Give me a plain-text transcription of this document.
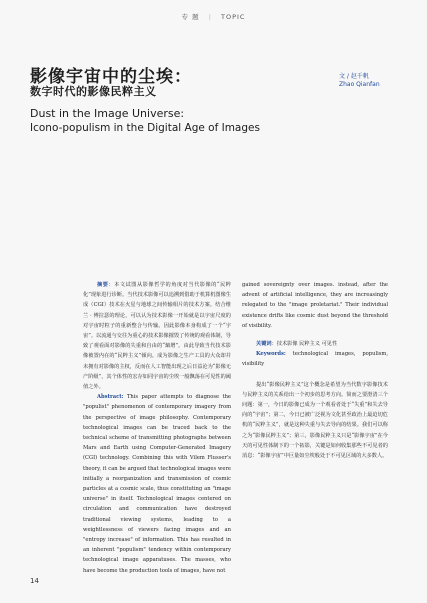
专 题 | TOPIC
影像宇宙中的尘埃：
数字时代的影像民粹主义
Dust in the Image Universe:
Icono-populism in the Digital Age of Images
文 / 赵千帆
Zhao Qianfan

摘要：本文试图从影像哲学的角度对当代影像的“民粹化”现象进行诊断。当代技术影像可以追溯到借助于机算机图像生成（CGI）技术在火星与地球之间传输相片的技术方案。结合维兰 · 傅拉瑟的理论，可以认为技术影像一开始就是以宇宙尺度的对宇宙时粒子的重新整合与传输。因此影像本身构成了一个“宇宙”。以流通与交往为重心的技术影像摧毁了传统的观看体制，导致了观看面对影像的失重和自由的“熵增”。由此导致当代技术影像被置内在的“民粹主义”倾向。成为影像之生产工具的大众却并未拥有对影像的主权，反而在人工智能出现之后日益沦为“影像无产阶级”，其个体性的宏存如同宇宙的尘埃一般飘荡在可见性的阈值之外。

Abstract: This paper attempts to diagnose the "populist" phenomenon of contemporary imagery from the perspective of image philosophy. Contemporary technological images can be traced back to the technical scheme of transmitting photographs between Mars and Earth using Computer-Generated Imagery (CGI) technology. Combining this with Vilem Flusser's theory, it can be argued that technological images were initially a reorganization and transmission of cosmic particles at a cosmic scale, thus constituting an "image universe" in itself. Technological images centered on circulation and communication have destroyed traditional viewing systems, leading to a weightlessness of viewers facing images and an "entropy increase" of information. This has resulted in an inherent "populism" tendency within contemporary technological image apparatuses. The masses, who have become the production tools of images, have not

gained sovereignty over images. instead, after the advent of artificial intelligence, they are increasingly relegated to the "image proletariat." Their individual existence drifts like cosmic dust beyond the threshold of visibility.

关键词：技术影像 民粹主义 可见性

Keywords: technological images, populism, visibility

提出“影像民粹主义”这个概念是希望为当代数字影像技术与民粹主义的关系给出一个初步的思考方向。简而之要澄清三个问题：第一，今日的影像已成为一个观看者处于“失重”和失去导向的“宇宙”；第二，今日已被广泛视为文化甚至政治上最迫切危机的“民粹主义”，就是这种失重与失去导向的结果。我们可以称之为“影像民粹主义”；第三，影像民粹主义只是“影像宇宙”在今天的可见性体制下的一个拓影，关键是如何收集那些不可见者的消息：“影像宇宙”中巨量如尘埃般处于不可见区域的大多数人。

14
